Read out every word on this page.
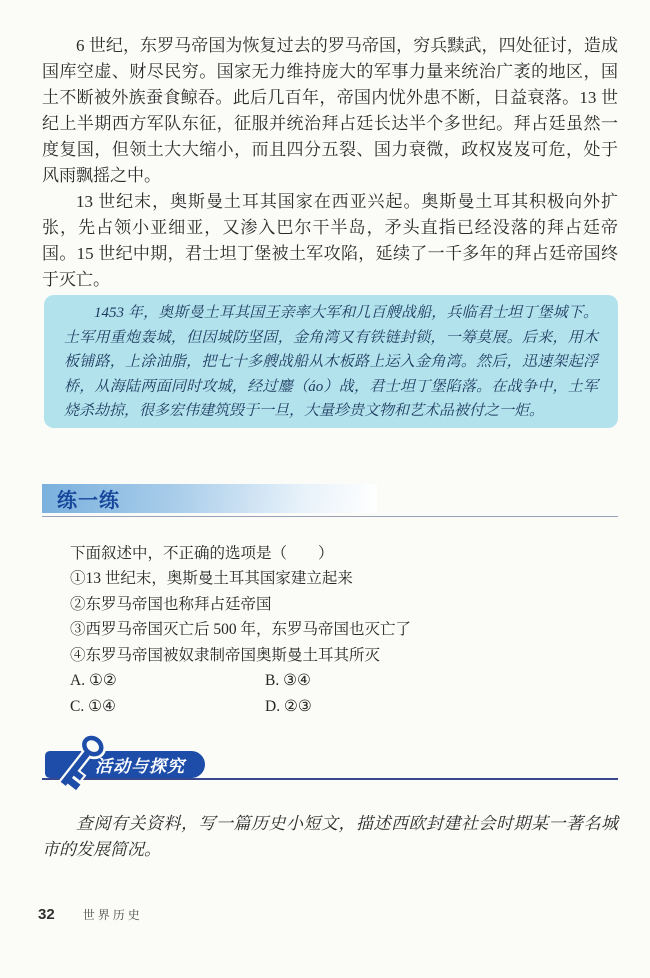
6 世纪，东罗马帝国为恢复过去的罗马帝国，穷兵黩武，四处征讨，造成国库空虚、财尽民穷。国家无力维持庞大的军事力量来统治广袤的地区，国土不断被外族蚕食鲸吞。此后几百年，帝国内忧外患不断，日益衰落。13 世纪上半期西方军队东征，征服并统治拜占廷长达半个多世纪。拜占廷虽然一度复国，但领土大大缩小，而且四分五裂、国力衰微，政权岌岌可危，处于风雨飘摇之中。

13 世纪末，奥斯曼土耳其国家在西亚兴起。奥斯曼土耳其积极向外扩张，先占领小亚细亚，又渗入巴尔干半岛，矛头直指已经没落的拜占廷帝国。15 世纪中期，君士坦丁堡被土军攻陷，延续了一千多年的拜占廷帝国终于灭亡。

1453 年，奥斯曼土耳其国王亲率大军和几百艘战船，兵临君士坦丁堡城下。土军用重炮轰城，但因城防坚固，金角湾又有铁链封锁，一筹莫展。后来，用木板铺路，上涂油脂，把七十多艘战船从木板路上运入金角湾。然后，迅速架起浮桥，从海陆两面同时攻城，经过鏖（áo）战，君士坦丁堡陷落。在战争中，土军烧杀劫掠，很多宏伟建筑毁于一旦，大量珍贵文物和艺术品被付之一炬。
练一练
下面叙述中，不正确的选项是（　　）
①13 世纪末，奥斯曼土耳其国家建立起来
②东罗马帝国也称拜占廷帝国
③西罗马帝国灭亡后 500 年，东罗马帝国也灭亡了
④东罗马帝国被奴隶制帝国奥斯曼土耳其所灭
A. ①②	B. ③④
C. ①④	D. ②③
活动与探究

查阅有关资料，写一篇历史小短文，描述西欧封建社会时期某一著名城市的发展简况。

32 世界历史
